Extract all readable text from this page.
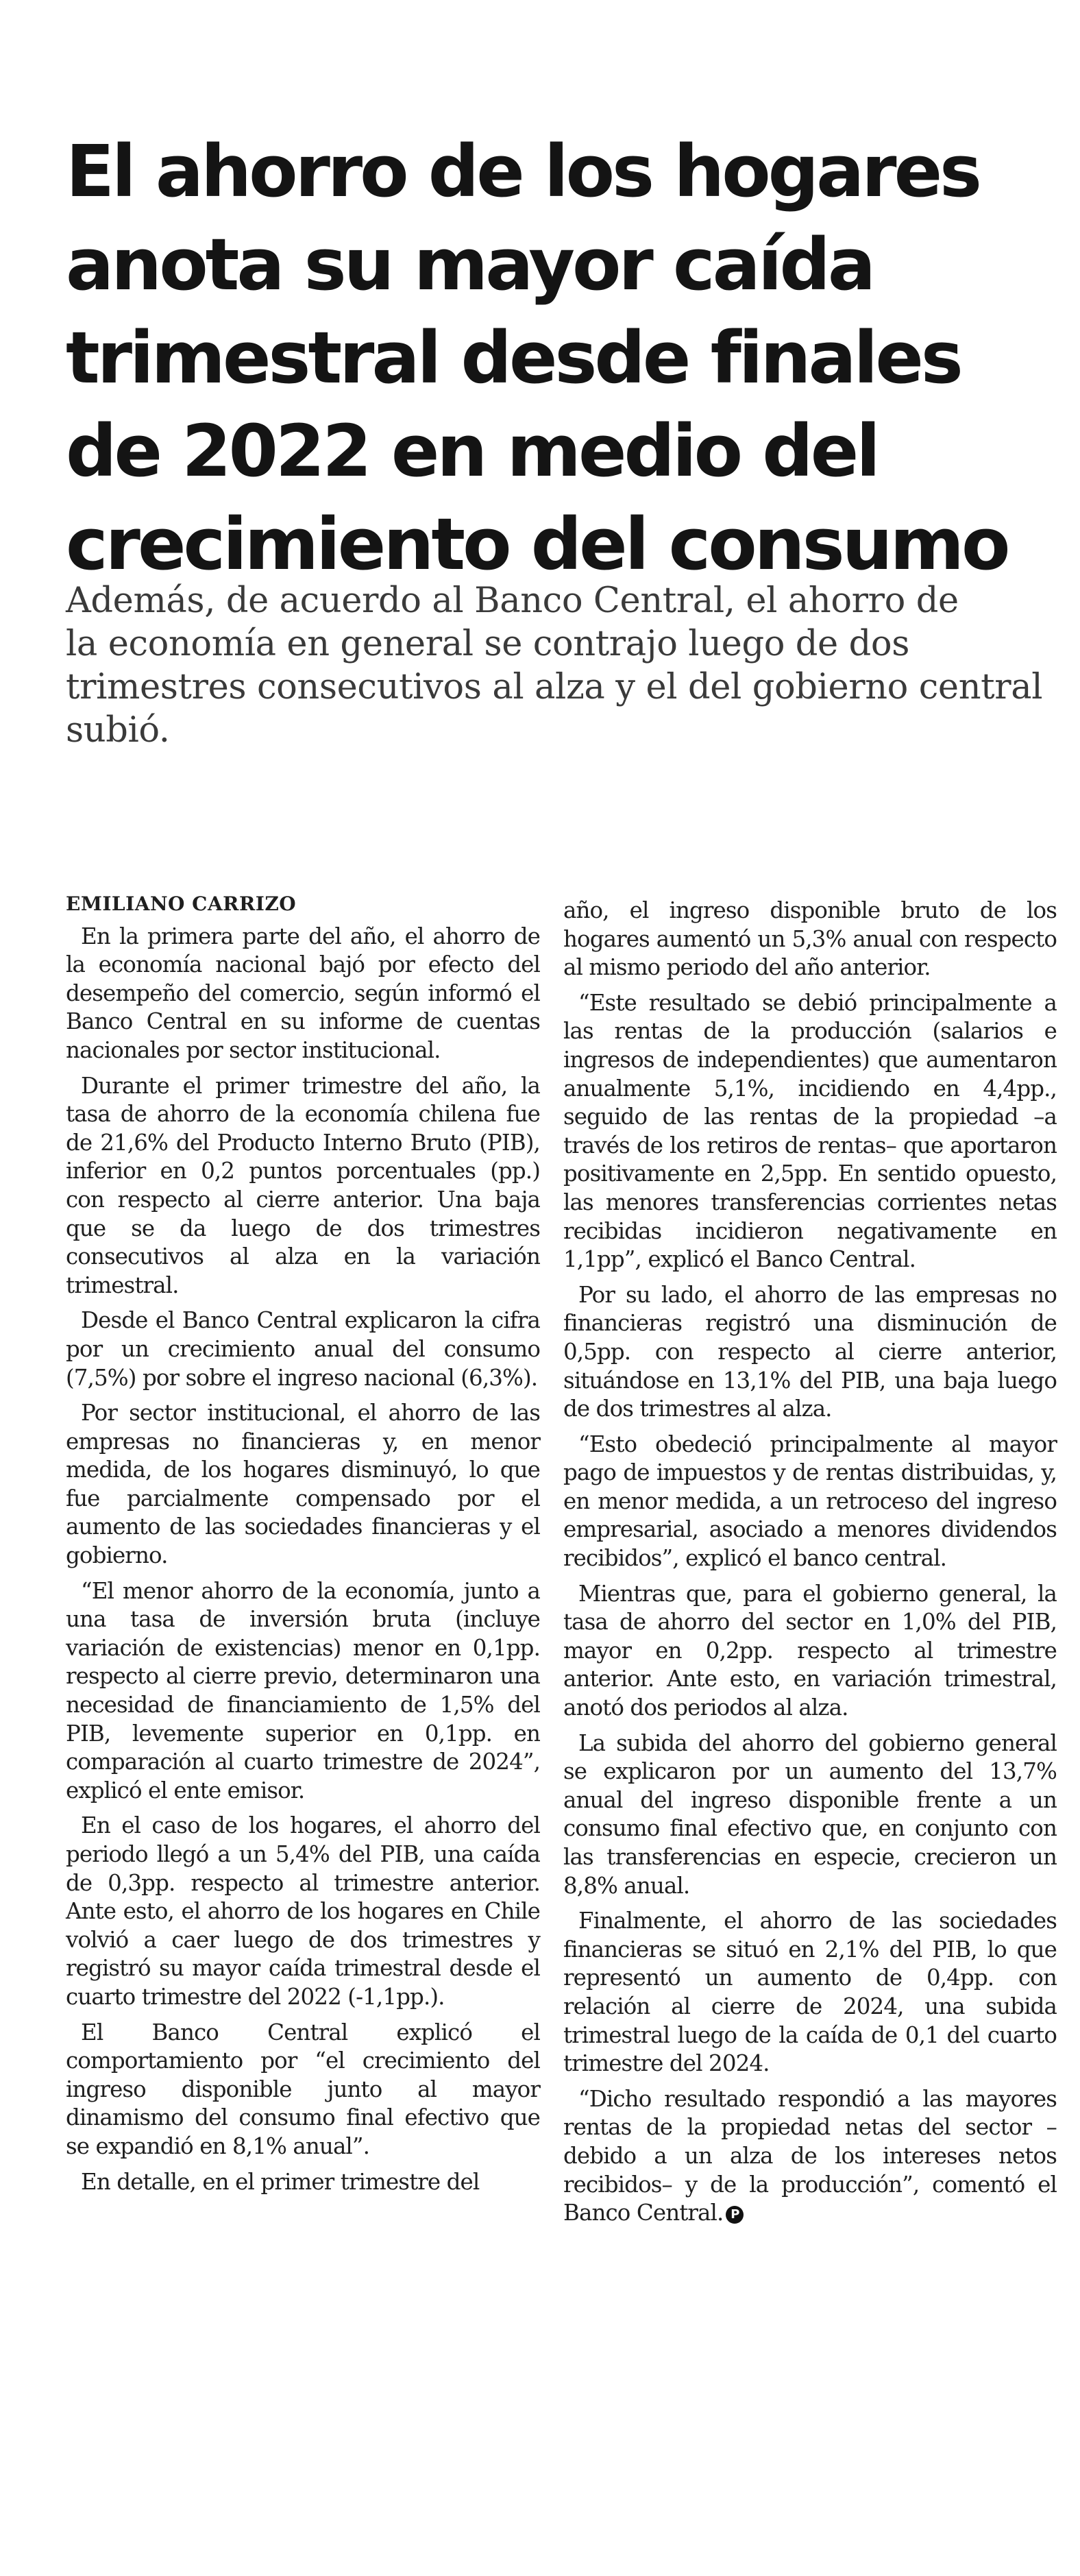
El ahorro de los hogares
anota su mayor caída
trimestral desde finales
de 2022 en medio del
crecimiento del consumo
Además, de acuerdo al Banco Central, el ahorro de
la economía en general se contrajo luego de dos
trimestres consecutivos al alza y el del gobierno central
subió.
EMILIANO CARRIZO

En la primera parte del año, el ahorro de la economía nacional bajó por efecto del desempeño del comercio, según informó el Banco Central en su informe de cuentas nacionales por sector institucional.

Durante el primer trimestre del año, la tasa de ahorro de la economía chilena fue de 21,6% del Producto Interno Bruto (PIB), inferior en 0,2 puntos porcentuales (pp.) con respecto al cierre anterior. Una baja que se da luego de dos trimestres consecutivos al alza en la variación trimestral.

Desde el Banco Central explicaron la cifra por un crecimiento anual del consumo (7,5%) por sobre el ingreso nacional (6,3%).

Por sector institucional, el ahorro de las empresas no financieras y, en menor medida, de los hogares disminuyó, lo que fue parcialmente compensado por el aumento de las sociedades financieras y el gobierno.

“El menor ahorro de la economía, junto a una tasa de inversión bruta (incluye variación de existencias) menor en 0,1pp. respecto al cierre previo, determinaron una necesidad de financiamiento de 1,5% del PIB, levemente superior en 0,1pp. en comparación al cuarto trimestre de 2024”, explicó el ente emisor.

En el caso de los hogares, el ahorro del periodo llegó a un 5,4% del PIB, una caída de 0,3pp. respecto al trimestre anterior. Ante esto, el ahorro de los hogares en Chile volvió a caer luego de dos trimestres y registró su mayor caída trimestral desde el cuarto trimestre del 2022 (-1,1pp.).

El Banco Central explicó el comportamiento por “el crecimiento del ingreso disponible junto al mayor dinamismo del consumo final efectivo que se expandió en 8,1% anual”.

En detalle, en el primer trimestre del

año, el ingreso disponible bruto de los hogares aumentó un 5,3% anual con respecto al mismo periodo del año anterior.

“Este resultado se debió principalmente a las rentas de la producción (salarios e ingresos de independientes) que aumentaron anualmente 5,1%, incidiendo en 4,4pp., seguido de las rentas de la propiedad –a través de los retiros de rentas– que aportaron positivamente en 2,5pp. En sentido opuesto, las menores transferencias corrientes netas recibidas incidieron negativamente en 1,1pp”, explicó el Banco Central.

Por su lado, el ahorro de las empresas no financieras registró una disminución de 0,5pp. con respecto al cierre anterior, situándose en 13,1% del PIB, una baja luego de dos trimestres al alza.

“Esto obedeció principalmente al mayor pago de impuestos y de rentas distribuidas, y, en menor medida, a un retroceso del ingreso empresarial, asociado a menores dividendos recibidos”, explicó el banco central.

Mientras que, para el gobierno general, la tasa de ahorro del sector en 1,0% del PIB, mayor en 0,2pp. respecto al trimestre anterior. Ante esto, en variación trimestral, anotó dos periodos al alza.

La subida del ahorro del gobierno general se explicaron por un aumento del 13,7% anual del ingreso disponible frente a un consumo final efectivo que, en conjunto con las transferencias en especie, crecieron un 8,8% anual.

Finalmente, el ahorro de las sociedades financieras se situó en 2,1% del PIB, lo que representó un aumento de 0,4pp. con relación al cierre de 2024, una subida trimestral luego de la caída de 0,1 del cuarto trimestre del 2024.

“Dicho resultado respondió a las mayores rentas de la propiedad netas del sector – debido a un alza de los intereses netos recibidos– y de la producción”, comentó el Banco Central. P
